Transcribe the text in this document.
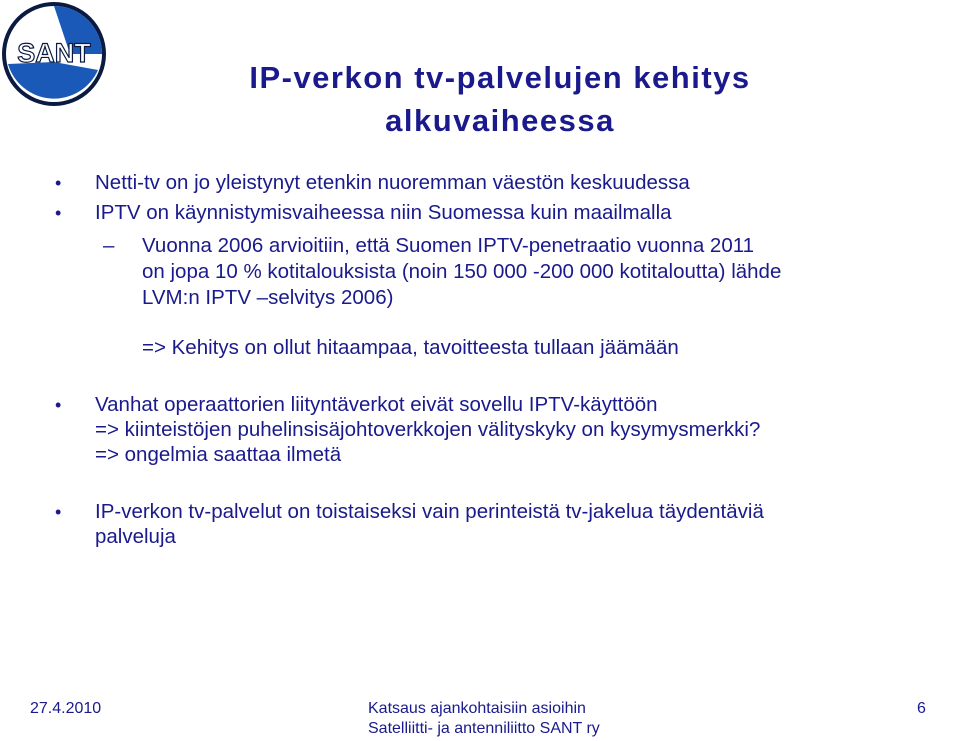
SANT
IP-verkon tv-palvelujen kehitys
alkuvaiheessa
• Netti-tv on jo yleistynyt etenkin nuoremman väestön keskuudessa

• IPTV on käynnistymisvaiheessa niin Suomessa kuin maailmalla

– Vuonna 2006 arvioitiin, että Suomen IPTV-penetraatio vuonna 2011

on jopa 10 % kotitalouksista (noin 150 000 -200 000 kotitaloutta) lähde

LVM:n IPTV –selvitys 2006)

=> Kehitys on ollut hitaampaa, tavoitteesta tullaan jäämään

• Vanhat operaattorien liityntäverkot eivät sovellu IPTV-käyttöön

=> kiinteistöjen puhelinsisäjohtoverkkojen välityskyky on kysymysmerkki?

=> ongelmia saattaa ilmetä

• IP-verkon tv-palvelut on toistaiseksi vain perinteistä tv-jakelua täydentäviä

palveluja

27.4.2010	Katsaus ajankohtaisiin asioihin
Satelliitti- ja antenniliitto SANT ry
6
